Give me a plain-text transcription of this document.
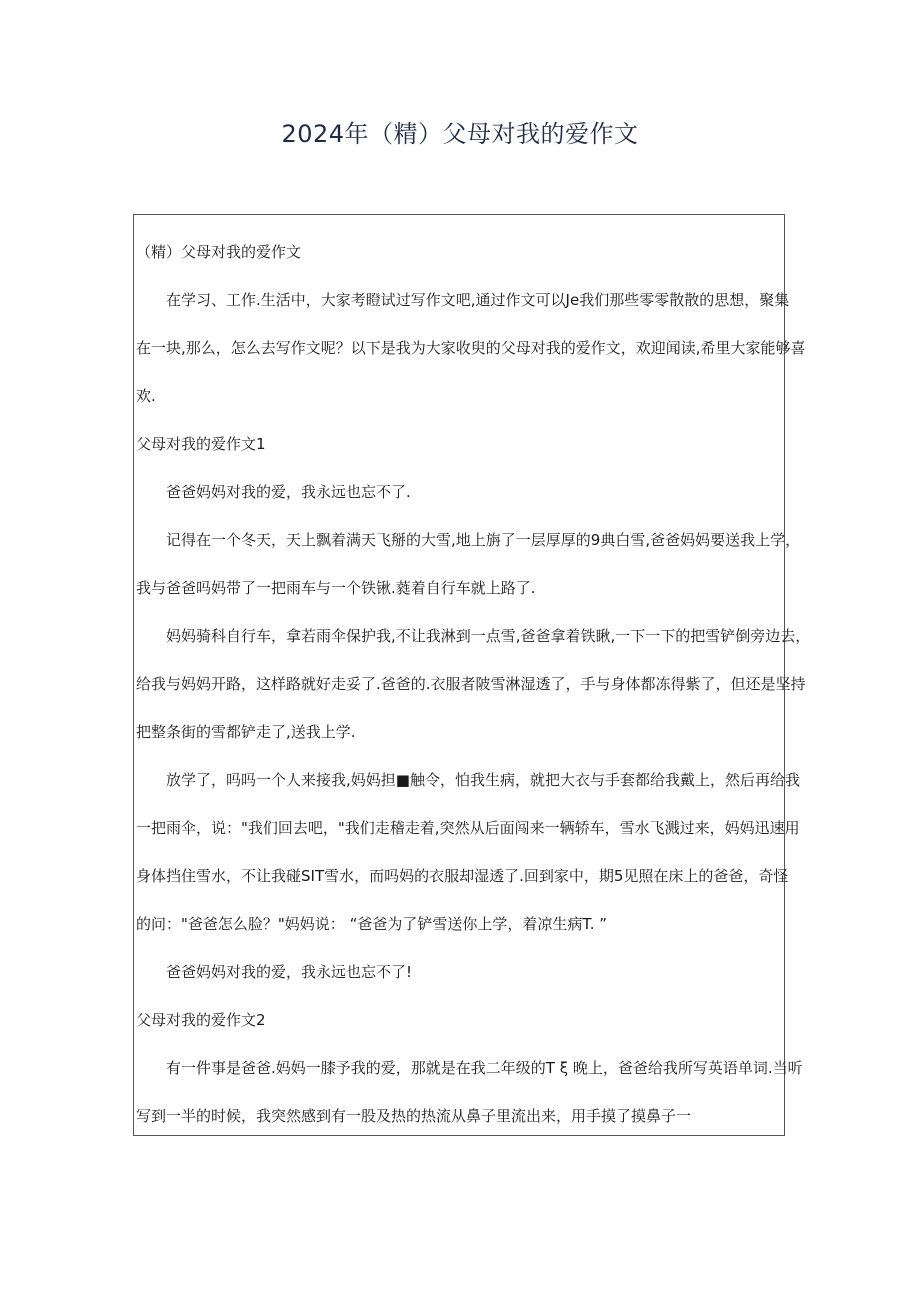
2024年（精）父母对我的爱作文
（精）父母对我的爱作文
在学习、工作.生活中，大家考瞪试过写作文吧,通过作文可以Je我们那些零零散散的思想，聚集
在一块,那么，怎么去写作文呢？以下是我为大家收臾的父母对我的爱作文，欢迎闻读,希里大家能够喜
欢.
父母对我的爱作文1
爸爸妈妈对我的爱，我永远也忘不了.
记得在一个冬天，天上飘着满天飞掰的大雪,地上旃了一层厚厚的9典白雪,爸爸妈妈要送我上学，
我与爸爸吗妈带了一把雨车与一个铁锹.蕤着自行车就上路了.
妈妈骑科自行车，拿若雨伞保护我,不让我淋到一点雪,爸爸拿着铁瞅,一下一下的把雪铲倒旁边去，
给我与妈妈开路，这样路就好走妥了.爸爸的.衣服者陂雪淋湿透了，手与身体都冻得紫了，但还是坚持
把整条街的雪都铲走了,送我上学.
放学了，吗吗一个人来接我,妈妈担■触令，怕我生病，就把大衣与手套都给我戴上，然后再给我
一把雨伞，说："我们回去吧，"我们走稽走着,突然从后面闯来一辆轿车，雪水飞溅过来，妈妈迅速用
身体挡住雪水，不让我碰SIT雪水，而吗妈的衣服却湿透了.回到家中，期5见照在床上的爸爸，奇怪
的问："爸爸怎么脸？"妈妈说： “爸爸为了铲雪送你上学，着凉生病T. ”
爸爸妈妈对我的爱，我永远也忘不了!
父母对我的爱作文2
有一件事是爸爸.妈妈一膝予我的爱，那就是在我二年级的T ξ 晚上，爸爸给我所写英语单词.当听
写到一半的时候，我突然感到有一股及热的热流从鼻子里流出来，用手摸了摸鼻子一
